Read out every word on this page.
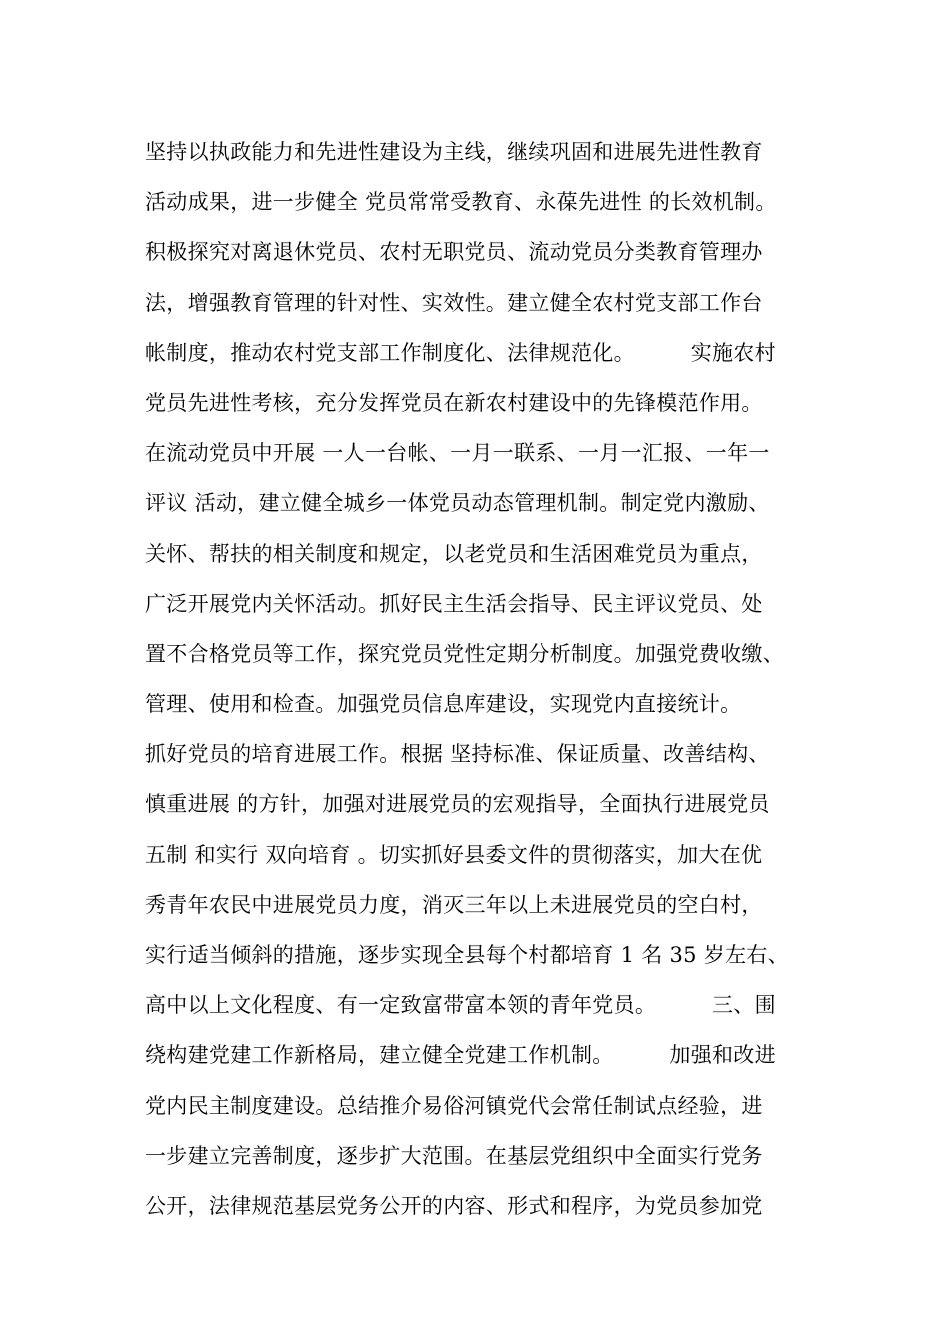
坚持以执政能力和先进性建设为主线，继续巩固和进展先进性教育
活动成果，进一步健全 党员常常受教育、永葆先进性 的长效机制。
积极探究对离退休党员、农村无职党员、流动党员分类教育管理办
法，增强教育管理的针对性、实效性。建立健全农村党支部工作台
帐制度，推动农村党支部工作制度化、法律规范化。        实施农村
党员先进性考核，充分发挥党员在新农村建设中的先锋模范作用。
在流动党员中开展 一人一台帐、一月一联系、一月一汇报、一年一
评议 活动，建立健全城乡一体党员动态管理机制。制定党内激励、
关怀、帮扶的相关制度和规定，以老党员和生活困难党员为重点，
广泛开展党内关怀活动。抓好民主生活会指导、民主评议党员、处
置不合格党员等工作，探究党员党性定期分析制度。加强党费收缴、
管理、使用和检查。加强党员信息库建设，实现党内直接统计。
抓好党员的培育进展工作。根据 坚持标准、保证质量、改善结构、
慎重进展 的方针，加强对进展党员的宏观指导，全面执行进展党员
五制 和实行 双向培育 。切实抓好县委文件的贯彻落实，加大在优
秀青年农民中进展党员力度，消灭三年以上未进展党员的空白村，
实行适当倾斜的措施，逐步实现全县每个村都培育 1 名 35 岁左右、
高中以上文化程度、有一定致富带富本领的青年党员。        三、围
绕构建党建工作新格局，建立健全党建工作机制。        加强和改进
党内民主制度建设。总结推介易俗河镇党代会常任制试点经验，进
一步建立完善制度，逐步扩大范围。在基层党组织中全面实行党务
公开，法律规范基层党务公开的内容、形式和程序，为党员参加党
